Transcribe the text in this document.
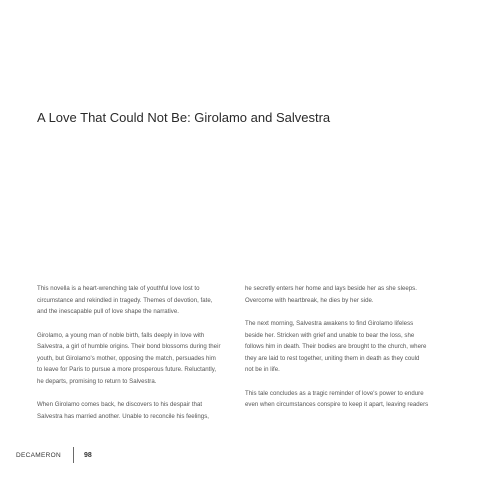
A Love That Could Not Be: Girolamo and Salvestra

This novella is a heart-wrenching tale of youthful love lost to
circumstance and rekindled in tragedy. Themes of devotion, fate,
and the inescapable pull of love shape the narrative.

Girolamo, a young man of noble birth, falls deeply in love with
Salvestra, a girl of humble origins. Their bond blossoms during their
youth, but Girolamo's mother, opposing the match, persuades him
to leave for Paris to pursue a more prosperous future. Reluctantly,
he departs, promising to return to Salvestra.

When Girolamo comes back, he discovers to his despair that
Salvestra has married another. Unable to reconcile his feelings,

he secretly enters her home and lays beside her as she sleeps.
Overcome with heartbreak, he dies by her side.

The next morning, Salvestra awakens to find Girolamo lifeless
beside her. Stricken with grief and unable to bear the loss, she
follows him in death. Their bodies are brought to the church, where
they are laid to rest together, uniting them in death as they could
not be in life.

This tale concludes as a tragic reminder of love's power to endure
even when circumstances conspire to keep it apart, leaving readers

DECAMERON	98
